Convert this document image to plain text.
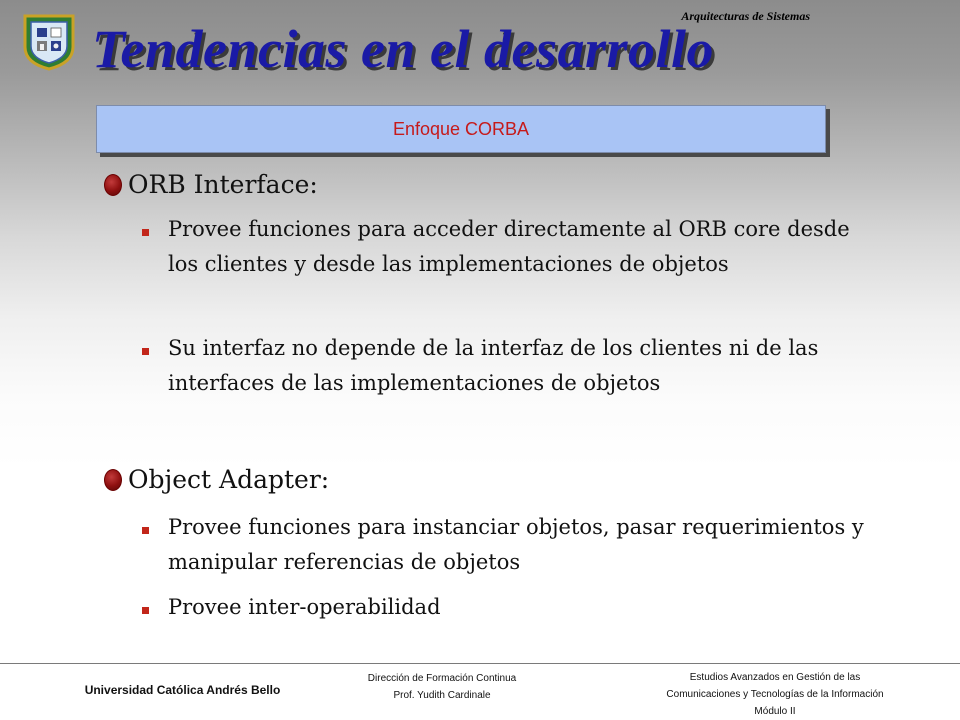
Arquitecturas de Sistemas
Tendencias en el desarrollo
Enfoque CORBA
ORB Interface:
Provee funciones para acceder directamente al ORB core desde los clientes y desde las implementaciones de objetos
Su interfaz no depende de la interfaz de los clientes ni de las interfaces de las implementaciones de objetos
Object Adapter:
Provee funciones para instanciar objetos, pasar requerimientos y manipular referencias de objetos
Provee inter-operabilidad
Universidad Católica Andrés Bello
Dirección de Formación Continua
Prof. Yudith Cardinale
Estudios Avanzados en Gestión de las
Comunicaciones y Tecnologías de la Información
Módulo II
